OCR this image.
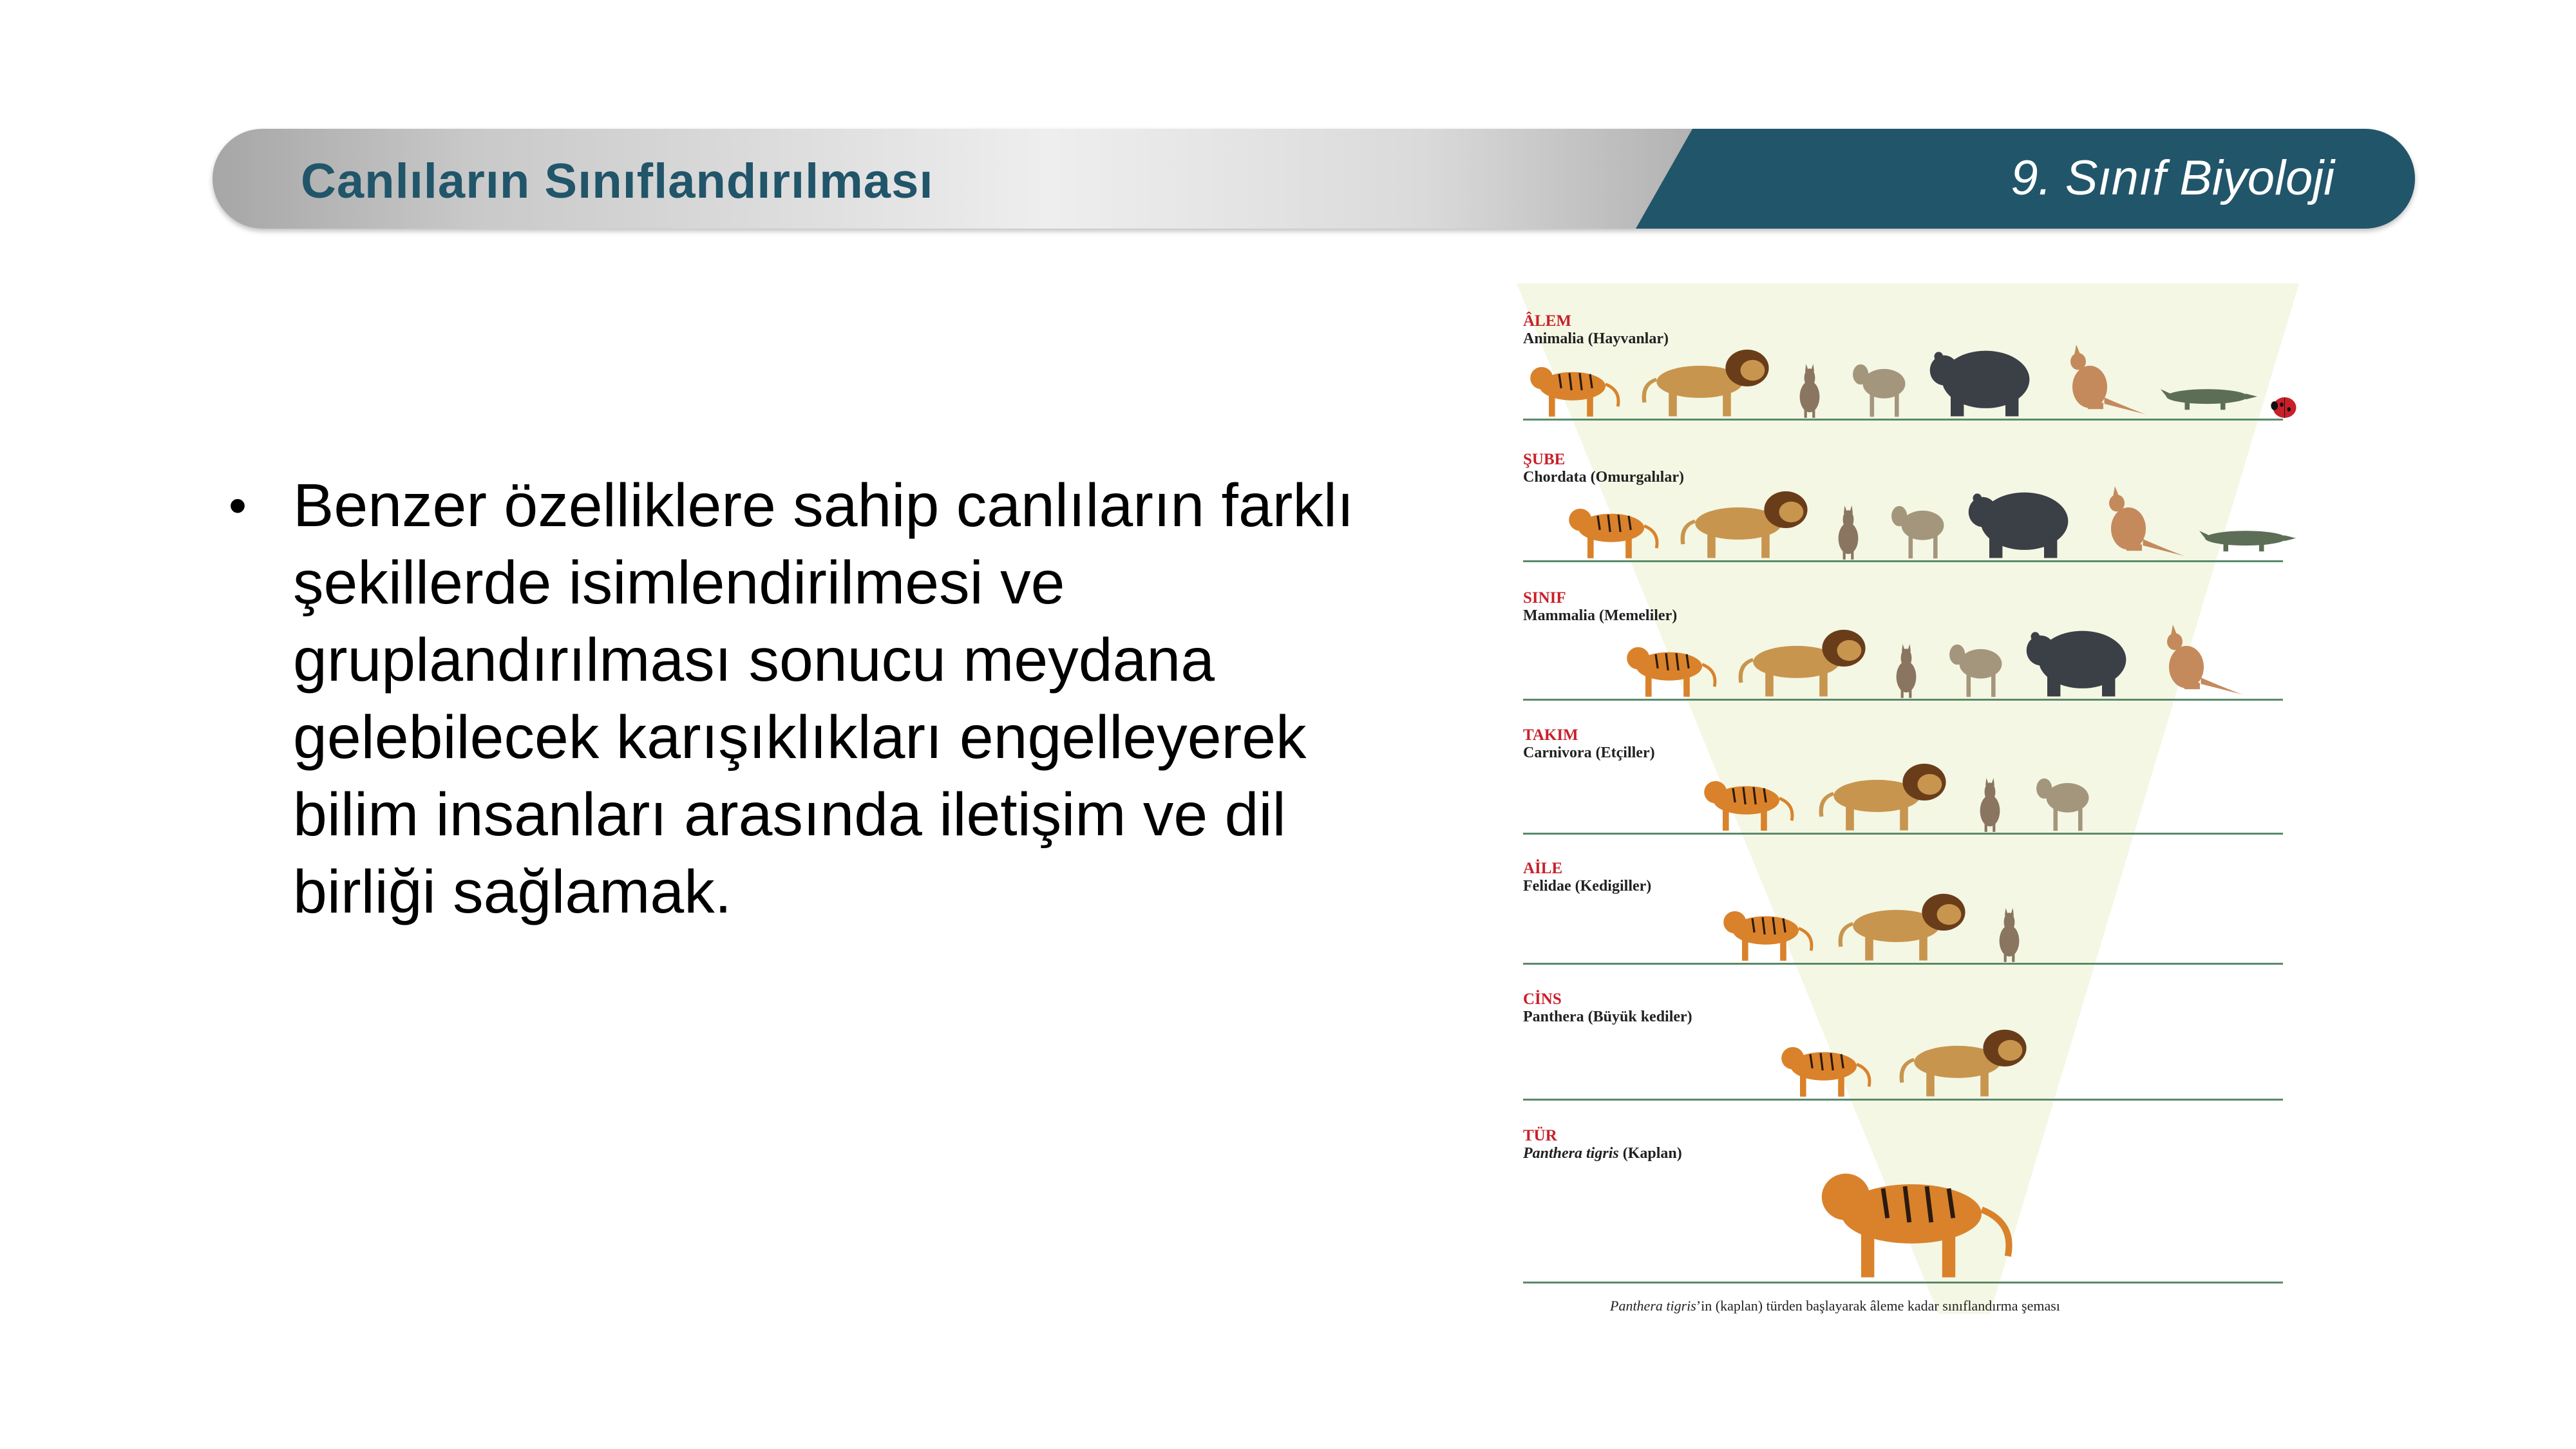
Canlıların Sınıflandırılması	9. Sınıf Biyoloji
• Benzer özelliklere sahip canlıların farklı
şekillerde isimlendirilmesi ve
gruplandırılması sonucu meydana
gelebilecek karışıklıkları engelleyerek
bilim insanları arasında iletişim ve dil
birliği sağlamak.
ÂLEM
Animalia (Hayvanlar)
ŞUBE
Chordata (Omurgalılar)
SINIF
Mammalia (Memeliler)
TAKIM
Carnivora (Etçiller)
AİLE
Felidae (Kedigiller)
CİNS
Panthera (Büyük kediler)
TÜR
Panthera tigris (Kaplan)
Panthera tigris’in (kaplan) türden başlayarak âleme kadar sınıflandırma şeması
